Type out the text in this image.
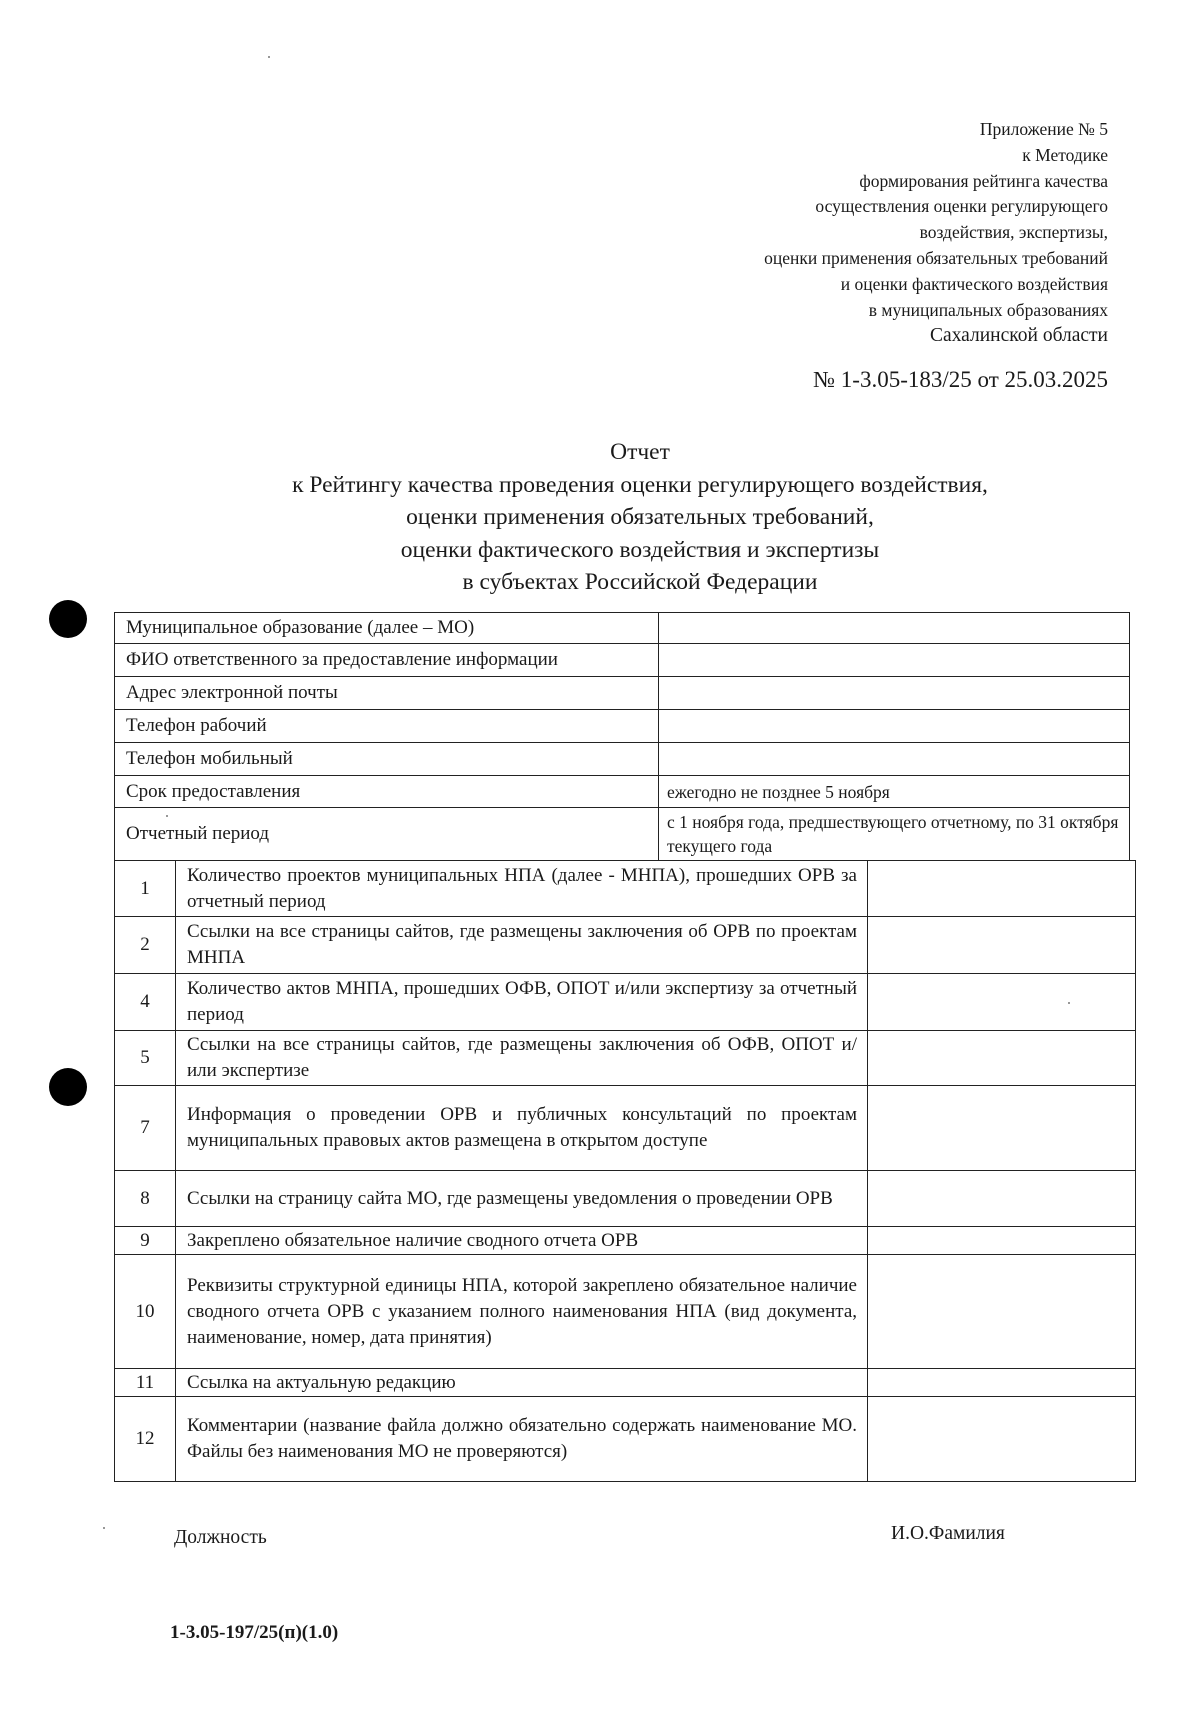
Приложение № 5
к Методике
формирования рейтинга качества
осуществления оценки регулирующего
воздействия, экспертизы,
оценки применения обязательных требований
и оценки фактического воздействия
в муниципальных образованиях
Сахалинской области
№ 1-3.05-183/25 от 25.03.2025
Отчет
к Рейтингу качества проведения оценки регулирующего воздействия,
оценки применения обязательных требований,
оценки фактического воздействия и экспертизы
в субъектах Российской Федерации
Муниципальное образование (далее – МО)	
ФИО ответственного за предоставление информации	
Адрес электронной почты	
Телефон рабочий	
Телефон мобильный	
Срок предоставления	ежегодно не позднее 5 ноября
Отчетный период	с 1 ноября года, предшествующего отчетному, по 31 октября текущего года
1	Количество проектов муниципальных НПА (далее - МНПА), прошедших ОРВ за отчетный период	
2	Ссылки на все страницы сайтов, где размещены заключения об ОРВ по проектам МНПА	
4	Количество актов МНПА, прошедших ОФВ, ОПОТ и/или экспертизу за отчетный период	
5	Ссылки на все страницы сайтов, где размещены заключения об ОФВ, ОПОТ и/или экспертизе	
7	Информация о проведении ОРВ и публичных консультаций по проектам муниципальных правовых актов размещена в открытом доступе	
8	Ссылки на страницу сайта МО, где размещены уведомления о проведении ОРВ	
9	Закреплено обязательное наличие сводного отчета ОРВ	
10	Реквизиты структурной единицы НПА, которой закреплено обязательное наличие сводного отчета ОРВ с указанием полного наименования НПА (вид документа, наименование, номер, дата принятия)	
11	Ссылка на актуальную редакцию	
12	Комментарии (название файла должно обязательно содержать наименование МО. Файлы без наименования МО не проверяются)	
Должность	И.О.Фамилия
1-3.05-197/25(п)(1.0)
